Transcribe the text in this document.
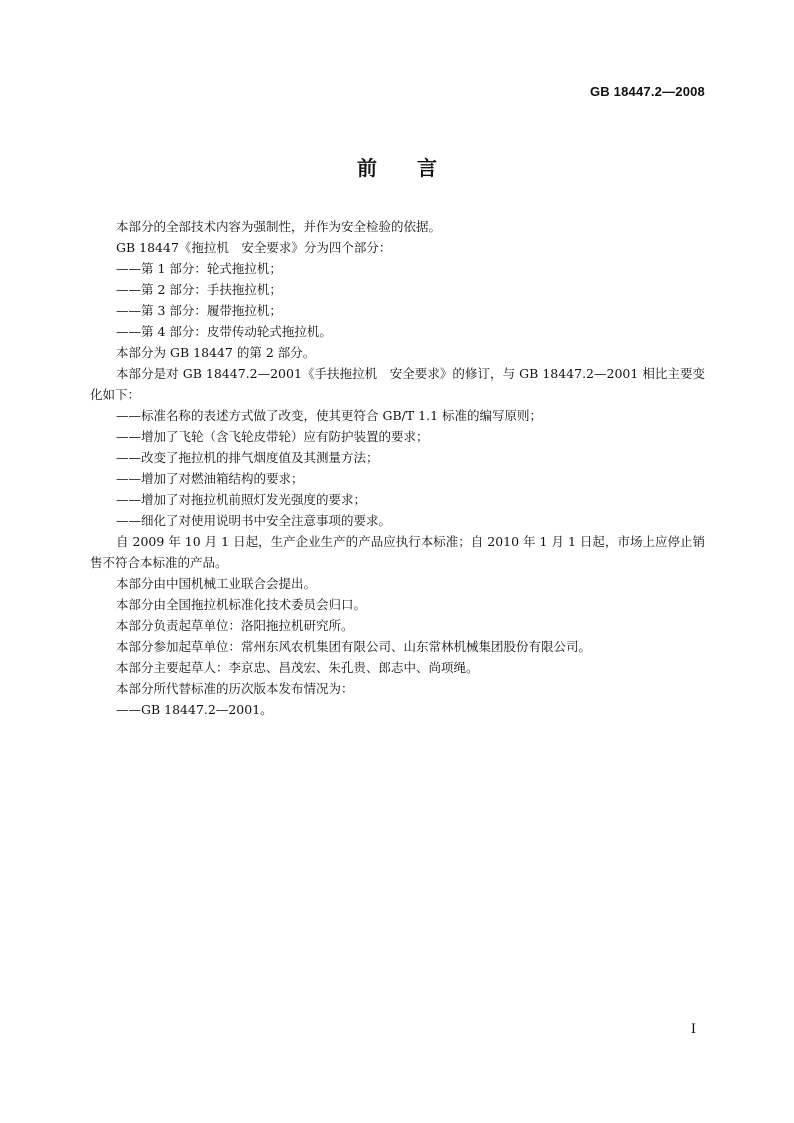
GB 18447.2—2008
前言

本部分的全部技术内容为强制性，并作为安全检验的依据。

GB 18447《拖拉机　安全要求》分为四个部分：

——第 1 部分：轮式拖拉机；

——第 2 部分：手扶拖拉机；

——第 3 部分：履带拖拉机；

——第 4 部分：皮带传动轮式拖拉机。

本部分为 GB 18447 的第 2 部分。

本部分是对 GB 18447.2—2001《手扶拖拉机　安全要求》的修订，与 GB 18447.2—2001 相比主要变化如下：

——标准名称的表述方式做了改变，使其更符合 GB/T 1.1 标准的编写原则；

——增加了飞轮（含飞轮皮带轮）应有防护装置的要求；

——改变了拖拉机的排气烟度值及其测量方法；

——增加了对燃油箱结构的要求；

——增加了对拖拉机前照灯发光强度的要求；

——细化了对使用说明书中安全注意事项的要求。

自 2009 年 10 月 1 日起，生产企业生产的产品应执行本标准；自 2010 年 1 月 1 日起，市场上应停止销售不符合本标准的产品。

本部分由中国机械工业联合会提出。

本部分由全国拖拉机标准化技术委员会归口。

本部分负责起草单位：洛阳拖拉机研究所。

本部分参加起草单位：常州东风农机集团有限公司、山东常林机械集团股份有限公司。

本部分主要起草人：李京忠、昌茂宏、朱孔贵、郎志中、尚项绳。

本部分所代替标准的历次版本发布情况为：

——GB 18447.2—2001。

I
